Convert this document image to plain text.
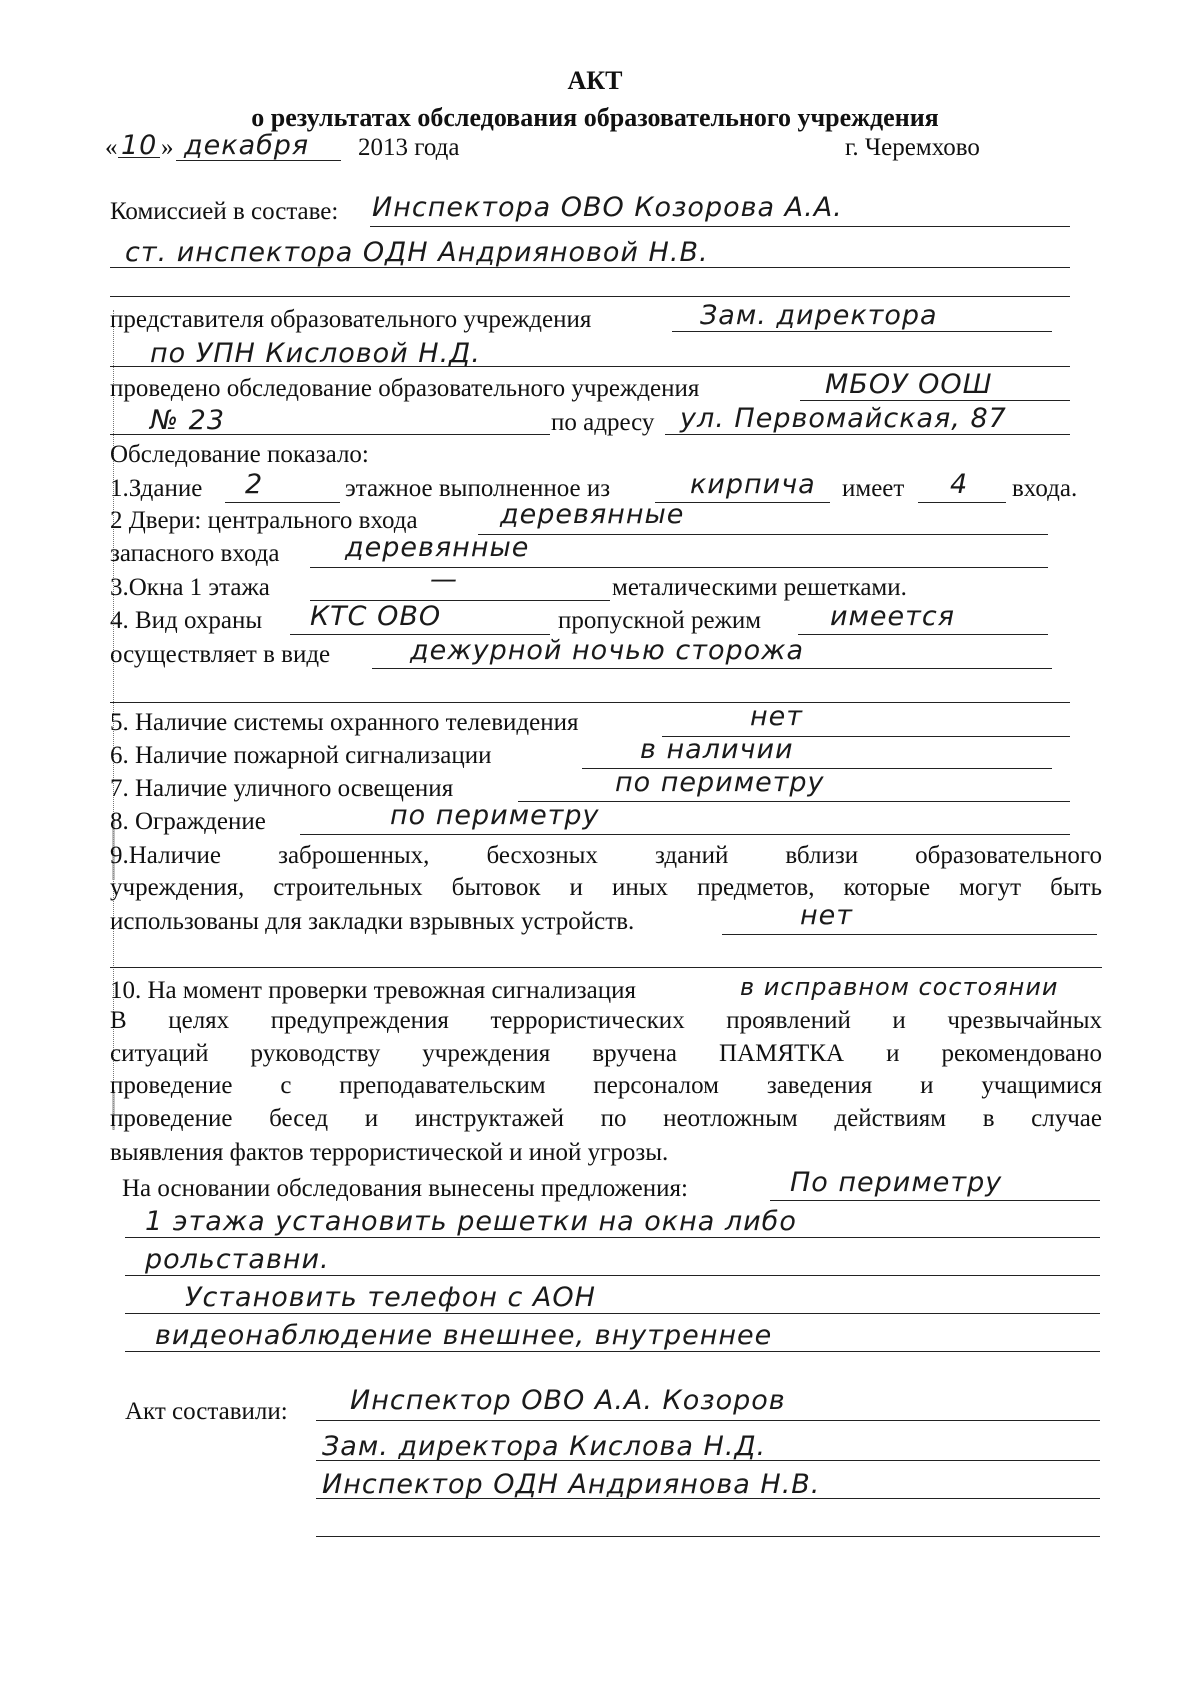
АКТ
о результатах обследования образовательного учреждения
« 10 » декабря 2013 года	г. Черемхово
Комиссией в составе: Инспектора ОВО Козорова А.А.
ст. инспектора ОДН Андрияновой Н.В.
представителя образовательного учреждения	Зам. директора
по УПН Кисловой Н.Д.
проведено обследование образовательного учреждения	МБОУ ООШ
№ 23	по адресу ул. Первомайская, 87
Обследование показало:
1.Здание 2	этажное выполненное из	кирпича имеет 4 входа.
2 Двери: центрального входа	деревянные
запасного входа деревянные
3.Окна 1 этажа	—	металическими решетками.
4. Вид охраны КТС ОВО	пропускной режим	имеется
осуществляет в виде	дежурной ночью сторожа
5. Наличие системы охранного телевидения	нет
6. Наличие пожарной сигнализации	в наличии
7. Наличие уличного освещения	по периметру
8. Ограждение	по периметру
9.Наличие заброшенных, бесхозных зданий вблизи образовательного
учреждения, строительных бытовок и иных предметов, которые могут быть
использованы для закладки взрывных устройств.	нет
10. На момент проверки тревожная сигнализация	в исправном состоянии
В целях предупреждения террористических проявлений и чрезвычайных
ситуаций руководству учреждения вручена ПАМЯТКА и рекомендовано
проведение с преподавательским персоналом заведения и учащимися
проведение бесед и инструктажей по неотложным действиям в случае
выявления фактов террористической и иной угрозы.
На основании обследования вынесены предложения:	По периметру
1 этажа установить решетки на окна либо
рольставни.
Установить телефон с АОН
видеонаблюдение внешнее, внутреннее
Акт составили: Инспектор ОВО А.А. Козоров
Зам. директора Кислова Н.Д.
Инспектор ОДН Андриянова Н.В.
